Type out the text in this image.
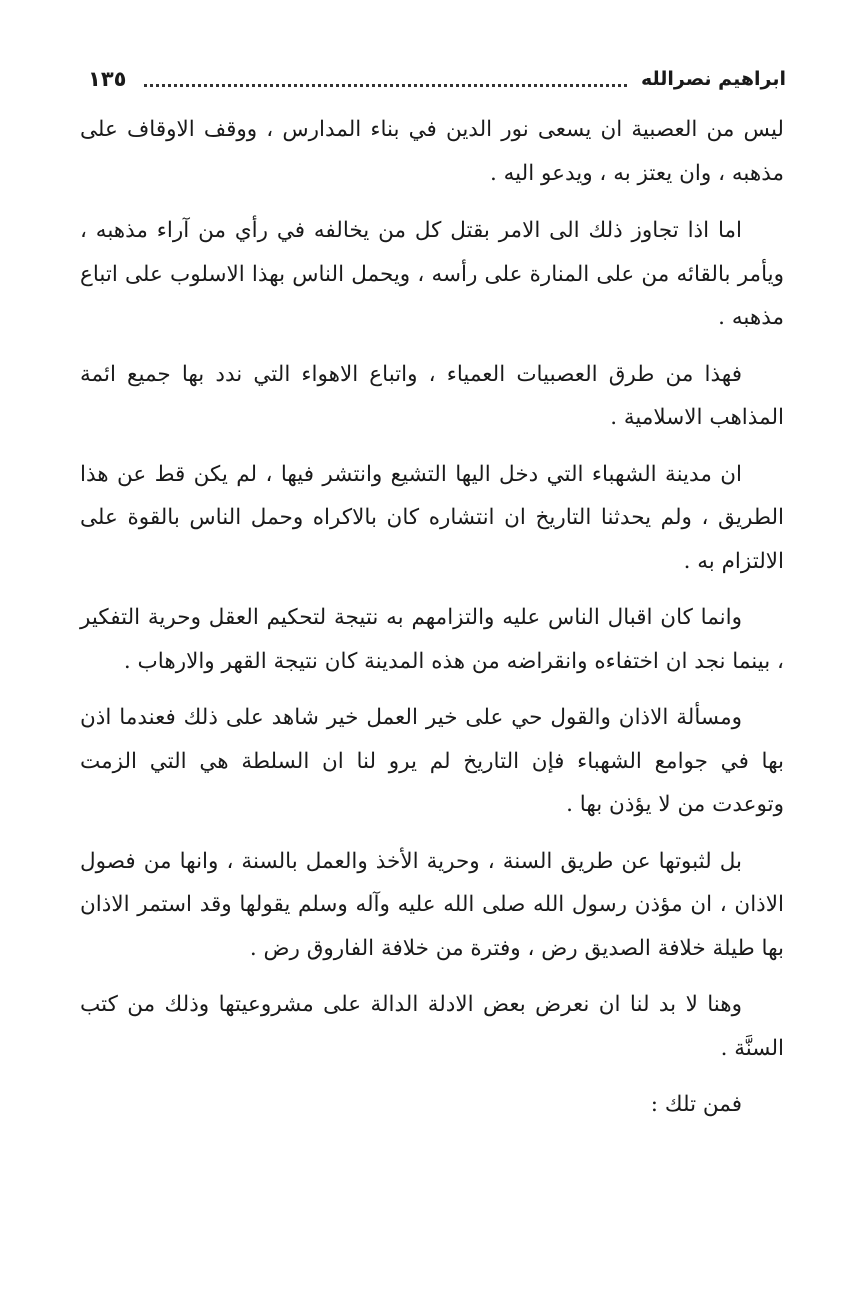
ابراهيم نصرالله
١٣٥

ليس من العصبية ان يسعى نور الدين في بناء المدارس ، ووقف الاوقاف على مذهبه ، وان يعتز به ، ويدعو اليه .

اما اذا تجاوز ذلك الى الامر بقتل كل من يخالفه في رأي من آراء مذهبه ، ويأمر بالقائه من على المنارة على رأسه ، ويحمل الناس بهذا الاسلوب على اتباع مذهبه .

فهذا من طرق العصبيات العمياء ، واتباع الاهواء التي ندد بها جميع ائمة المذاهب الاسلامية .

ان مدينة الشهباء التي دخل اليها التشيع وانتشر فيها ، لم يكن قط عن هذا الطريق ، ولم يحدثنا التاريخ ان انتشاره كان بالاكراه وحمل الناس بالقوة على الالتزام به .

وانما كان اقبال الناس عليه والتزامهم به نتيجة لتحكيم العقل وحرية التفكير ، بينما نجد ان اختفاءه وانقراضه من هذه المدينة كان نتيجة القهر والارهاب .

ومسألة الاذان والقول حي على خير العمل خير شاهد على ذلك فعندما اذن بها في جوامع الشهباء فإن التاريخ لم يرو لنا ان السلطة هي التي الزمت وتوعدت من لا يؤذن بها .

بل لثبوتها عن طريق السنة ، وحرية الأخذ والعمل بالسنة ، وانها من فصول الاذان ، ان مؤذن رسول الله صلى الله عليه وآله وسلم يقولها وقد استمر الاذان بها طيلة خلافة الصديق رض ، وفترة من خلافة الفاروق رض .

وهنا لا بد لنا ان نعرض بعض الادلة الدالة على مشروعيتها وذلك من كتب السنَّة .

فمن تلك :
